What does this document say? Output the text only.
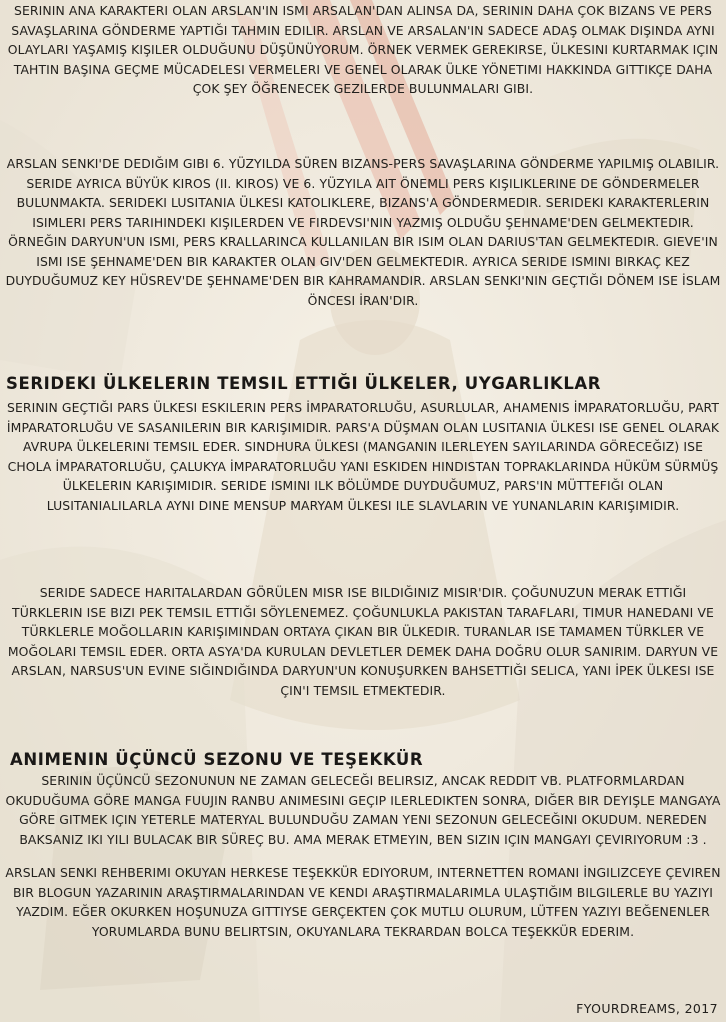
SERININ ANA KARAKTERI OLAN ARSLAN'IN ISMI ARSALAN'DAN ALINSA DA, SERININ DAHA ÇOK BIZANS VE PERS SAVAŞLARINA GÖNDERME YAPTIĞI TAHMIN EDILIR. ARSLAN VE ARSALAN'IN SADECE ADAŞ OLMAK DIŞINDA AYNI OLAYLARI YAŞAMIŞ KIŞILER OLDUĞUNU DÜŞÜNÜYORUM. ÖRNEK VERMEK GEREKIRSE, ÜLKESINI KURTARMAK IÇIN TAHTIN BAŞINA GEÇME MÜCADELESI VERMELERI VE GENEL OLARAK ÜLKE YÖNETIMI HAKKINDA GITTIKÇE DAHA ÇOK ŞEY ÖĞRENECEK GEZILERDE BULUNMALARI GIBI.

ARSLAN SENKI'DE DEDIĞIM GIBI 6. YÜZYILDA SÜREN BIZANS-PERS SAVAŞLARINA GÖNDERME YAPILMIŞ OLABILIR. SERIDE AYRICA BÜYÜK KIROS (II. KIROS) VE 6. YÜZYILA AIT ÖNEMLI PERS KIŞILIKLERINE DE GÖNDERMELER BULUNMAKTA. SERIDEKI LUSITANIA ÜLKESI KATOLIKLERE, BIZANS'A GÖNDERMEDIR. SERIDEKI KARAKTERLERIN ISIMLERI PERS TARIHINDEKI KIŞILERDEN VE FIRDEVSI'NIN YAZMIŞ OLDUĞU ŞEHNAME'DEN GELMEKTEDIR. ÖRNEĞIN DARYUN'UN ISMI, PERS KRALLARINCA KULLANILAN BIR ISIM OLAN DARIUS'TAN GELMEKTEDIR. GIEVE'IN ISMI ISE ŞEHNAME'DEN BIR KARAKTER OLAN GIV'DEN GELMEKTEDIR. AYRICA SERIDE ISMINI BIRKAÇ KEZ DUYDUĞUMUZ KEY HÜSREV'DE ŞEHNAME'DEN BIR KAHRAMANDIR. ARSLAN SENKI'NIN GEÇTIĞI DÖNEM ISE İSLAM ÖNCESI İRAN'DIR.

SERIDEKI ÜLKELERIN TEMSIL ETTIĞI ÜLKELER, UYGARLIKLAR

SERININ GEÇTIĞI PARS ÜLKESI ESKILERIN PERS İMPARATORLUĞU, ASURLULAR, AHAMENIS İMPARATORLUĞU, PART İMPARATORLUĞU VE SASANILERIN BIR KARIŞIMIDIR. PARS'A DÜŞMAN OLAN LUSITANIA ÜLKESI ISE GENEL OLARAK AVRUPA ÜLKELERINI TEMSIL EDER. SINDHURA ÜLKESI (MANGANIN ILERLEYEN SAYILARINDA GÖRECEĞIZ) ISE CHOLA İMPARATORLUĞU, ÇALUKYA İMPARATORLUĞU YANI ESKIDEN HINDISTAN TOPRAKLARINDA HÜKÜM SÜRMÜŞ ÜLKELERIN KARIŞIMIDIR. SERIDE ISMINI ILK BÖLÜMDE DUYDUĞUMUZ, PARS'IN MÜTTEFIĞI OLAN LUSITANIALILARLA AYNI DINE MENSUP MARYAM ÜLKESI ILE SLAVLARIN VE YUNANLARIN KARIŞIMIDIR.

SERIDE SADECE HARITALARDAN GÖRÜLEN MISR ISE BILDIĞINIZ MISIR'DIR. ÇOĞUNUZUN MERAK ETTIĞI TÜRKLERIN ISE BIZI PEK TEMSIL ETTIĞI SÖYLENEMEZ. ÇOĞUNLUKLA PAKISTAN TARAFLARI, TIMUR HANEDANI VE TÜRKLERLE MOĞOLLARIN KARIŞIMINDAN ORTAYA ÇIKAN BIR ÜLKEDIR. TURANLAR ISE TAMAMEN TÜRKLER VE MOĞOLARI TEMSIL EDER. ORTA ASYA'DA KURULAN DEVLETLER DEMEK DAHA DOĞRU OLUR SANIRIM. DARYUN VE ARSLAN, NARSUS'UN EVINE SIĞINDIĞINDA DARYUN'UN KONUŞURKEN BAHSETTIĞI SELICA, YANI İPEK ÜLKESI ISE ÇIN'I TEMSIL ETMEKTEDIR.

ANIMENIN ÜÇÜNCÜ SEZONU VE TEŞEKKÜR

SERININ ÜÇÜNCÜ SEZONUNUN NE ZAMAN GELECEĞI BELIRSIZ, ANCAK REDDIT VB. PLATFORMLARDAN OKUDUĞUMA GÖRE MANGA FUUJIN RANBU ANIMESINI GEÇIP ILERLEDIKTEN SONRA, DIĞER BIR DEYIŞLE MANGAYA GÖRE GITMEK IÇIN YETERLE MATERYAL BULUNDUĞU ZAMAN YENI SEZONUN GELECEĞINI OKUDUM. NEREDEN BAKSANIZ IKI YILI BULACAK BIR SÜREÇ BU. AMA MERAK ETMEYIN, BEN SIZIN IÇIN MANGAYI ÇEVIRIYORUM :3 .

ARSLAN SENKI REHBERIMI OKUYAN HERKESE TEŞEKKÜR EDIYORUM, INTERNETTEN ROMANI İNGILIZCEYE ÇEVIREN BIR BLOGUN YAZARININ ARAŞTIRMALARINDAN VE KENDI ARAŞTIRMALARIMLA ULAŞTIĞIM BILGILERLE BU YAZIYI YAZDIM. EĞER OKURKEN HOŞUNUZA GITTIYSE GERÇEKTEN ÇOK MUTLU OLURUM, LÜTFEN YAZIYI BEĞENENLER YORUMLARDA BUNU BELIRTSIN, OKUYANLARA TEKRARDAN BOLCA TEŞEKKÜR EDERIM.

FYOURDREAMS, 2017
